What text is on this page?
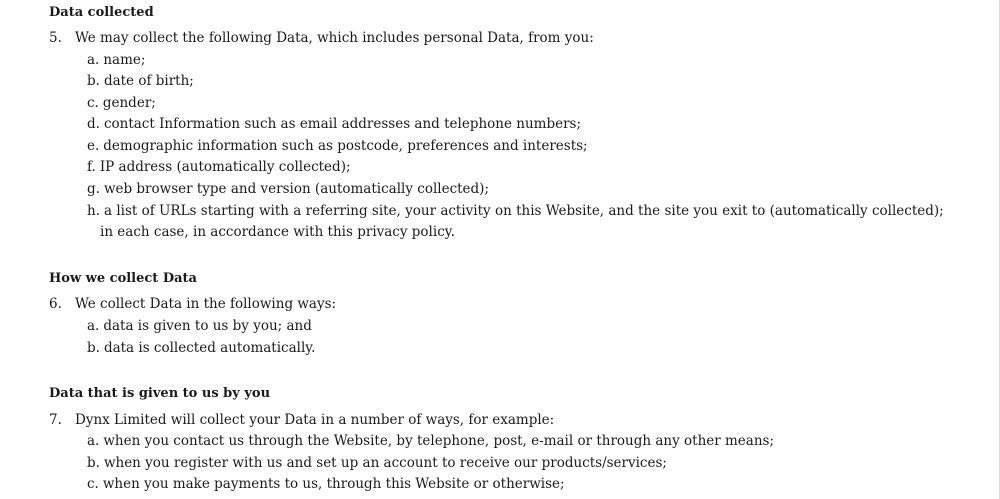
Data collected
5. We may collect the following Data, which includes personal Data, from you:
a. name;
b. date of birth;
c. gender;
d. contact Information such as email addresses and telephone numbers;
e. demographic information such as postcode, preferences and interests;
f. IP address (automatically collected);
g. web browser type and version (automatically collected);
h. a list of URLs starting with a referring site, your activity on this Website, and the site you exit to (automatically collected);
in each case, in accordance with this privacy policy.
How we collect Data
6. We collect Data in the following ways:
a. data is given to us by you; and
b. data is collected automatically.
Data that is given to us by you
7. Dynx Limited will collect your Data in a number of ways, for example:
a. when you contact us through the Website, by telephone, post, e-mail or through any other means;
b. when you register with us and set up an account to receive our products/services;
c. when you make payments to us, through this Website or otherwise;
